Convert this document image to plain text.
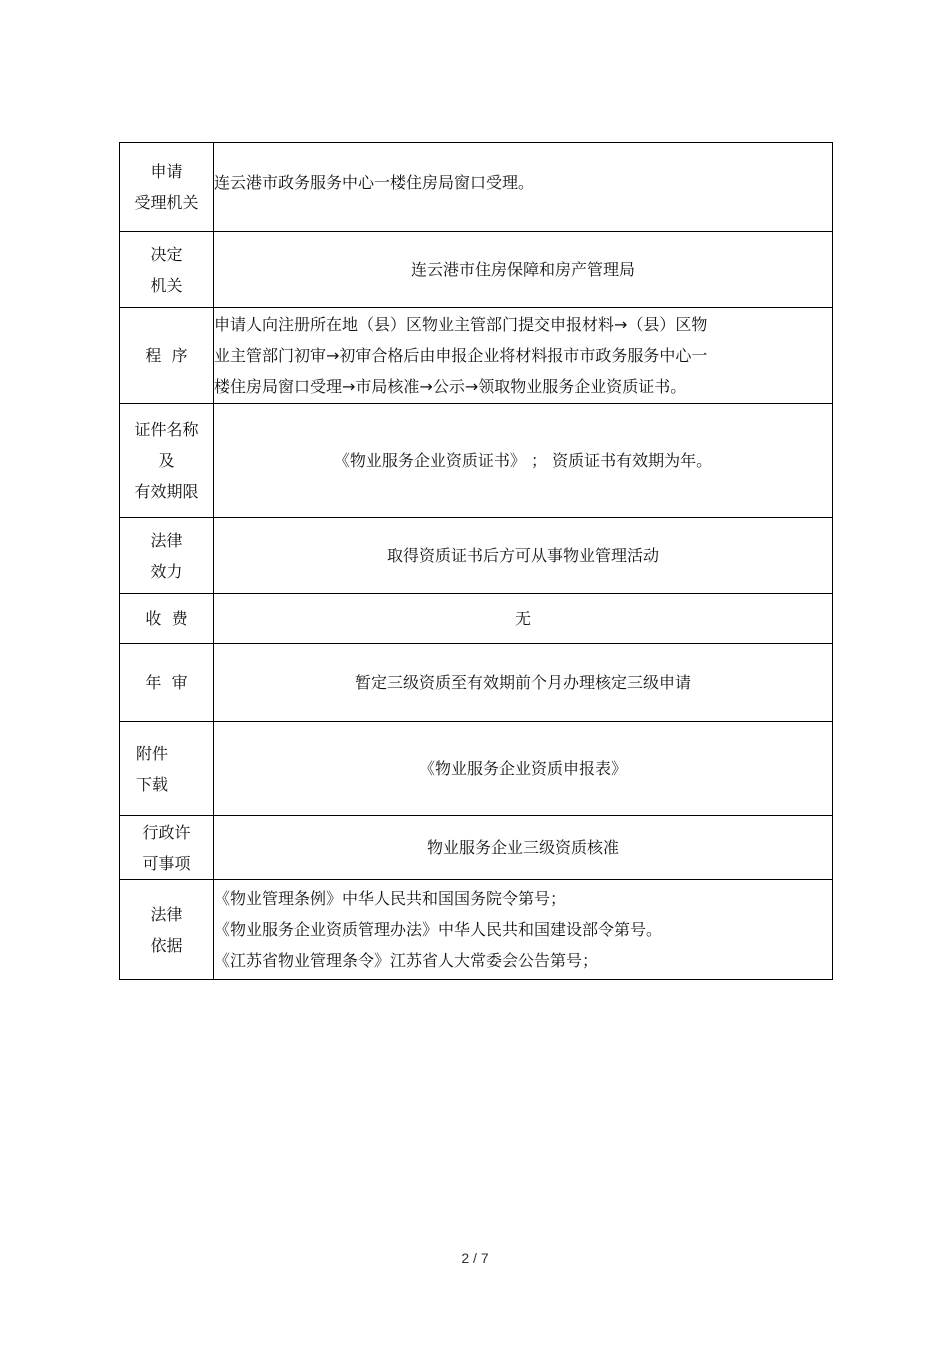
申请
受理机关	连云港市政务服务中心一楼住房局窗口受理。

决定
机关	连云港市住房保障和房产管理局

程  序	申请人向注册所在地（县）区物业主管部门提交申报材料→（县）区物
业主管部门初审→初审合格后由申报企业将材料报市市政务服务中心一
楼住房局窗口受理→市局核准→公示→领取物业服务企业资质证书。

证件名称
及
有效期限	《物业服务企业资质证书》 ； 资质证书有效期为年。

法律
效力	取得资质证书后方可从事物业管理活动

收  费	无

年  审	暂定三级资质至有效期前个月办理核定三级申请

附件
下载	《物业服务企业资质申报表》

行政许
可事项	物业服务企业三级资质核准

法律
依据	《物业管理条例》中华人民共和国国务院令第号；
《物业服务企业资质管理办法》中华人民共和国建设部令第号。
《江苏省物业管理条令》江苏省人大常委会公告第号；
2 / 7
